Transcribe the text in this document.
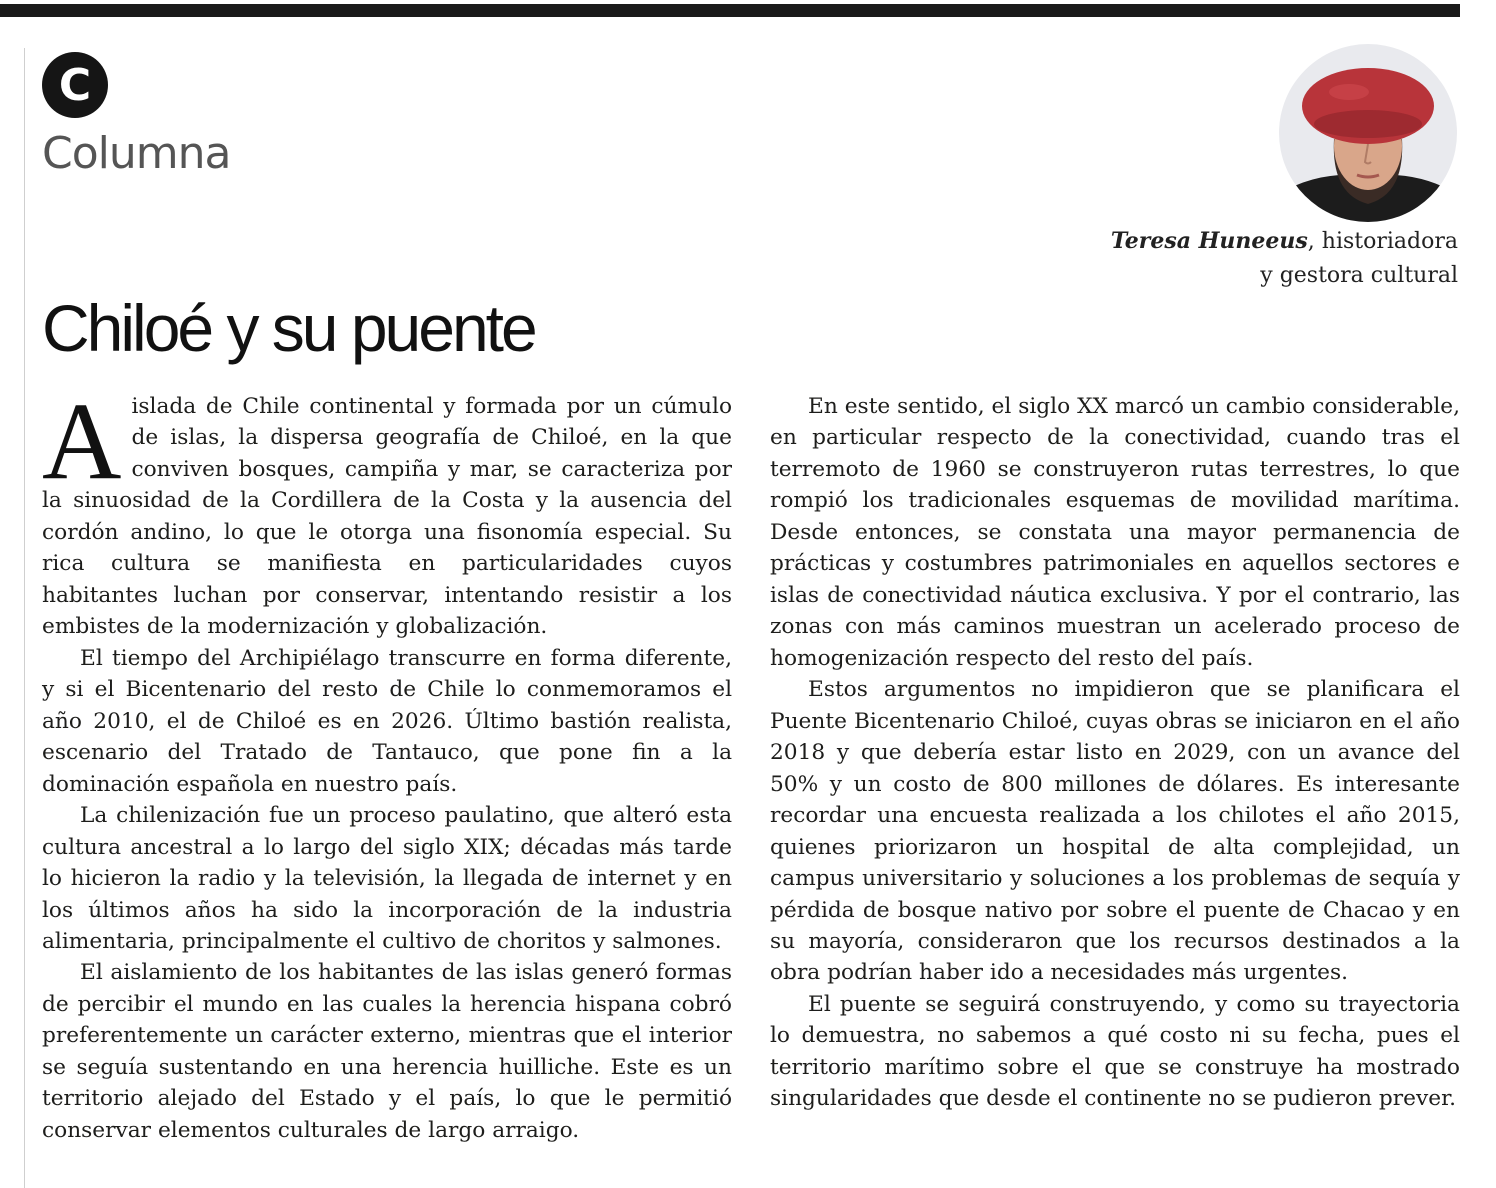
C
Columna
Teresa Huneeus, historiadora
y gestora cultural
Chiloé y su puente

Aislada de Chile continental y formada por un cúmulo de islas, la dispersa geografía de Chiloé, en la que conviven bosques, campiña y mar, se caracteriza por la sinuosidad de la Cordillera de la Costa y la ausencia del cordón andino, lo que le otorga una fisonomía especial. Su rica cultura se manifiesta en particularidades cuyos habitantes luchan por conservar, intentando resistir a los embistes de la modernización y globalización.

El tiempo del Archipiélago transcurre en forma diferente, y si el Bicentenario del resto de Chile lo conmemoramos el año 2010, el de Chiloé es en 2026. Último bastión realista, escenario del Tratado de Tantauco, que pone fin a la dominación española en nuestro país.

La chilenización fue un proceso paulatino, que alteró esta cultura ancestral a lo largo del siglo XIX; décadas más tarde lo hicieron la radio y la televisión, la llegada de internet y en los últimos años ha sido la incorporación de la industria alimentaria, principalmente el cultivo de choritos y salmones.

El aislamiento de los habitantes de las islas generó formas de percibir el mundo en las cuales la herencia hispana cobró preferentemente un carácter externo, mientras que el interior se seguía sustentando en una herencia huilliche. Este es un territorio alejado del Estado y el país, lo que le permitió conservar elementos culturales de largo arraigo.

En este sentido, el siglo XX marcó un cambio considerable, en particular respecto de la conectividad, cuando tras el terremoto de 1960 se construyeron rutas terrestres, lo que rompió los tradicionales esquemas de movilidad marítima. Desde entonces, se constata una mayor permanencia de prácticas y costumbres patrimoniales en aquellos sectores e islas de conectividad náutica exclusiva. Y por el contrario, las zonas con más caminos muestran un acelerado proceso de homogenización respecto del resto del país.

Estos argumentos no impidieron que se planificara el Puente Bicentenario Chiloé, cuyas obras se iniciaron en el año 2018 y que debería estar listo en 2029, con un avance del 50% y un costo de 800 millones de dólares. Es interesante recordar una encuesta realizada a los chilotes el año 2015, quienes priorizaron un hospital de alta complejidad, un campus universitario y soluciones a los problemas de sequía y pérdida de bosque nativo por sobre el puente de Chacao y en su mayoría, consideraron que los recursos destinados a la obra podrían haber ido a necesidades más urgentes.

El puente se seguirá construyendo, y como su trayectoria lo demuestra, no sabemos a qué costo ni su fecha, pues el territorio marítimo sobre el que se construye ha mostrado singularidades que desde el continente no se pudieron prever.
